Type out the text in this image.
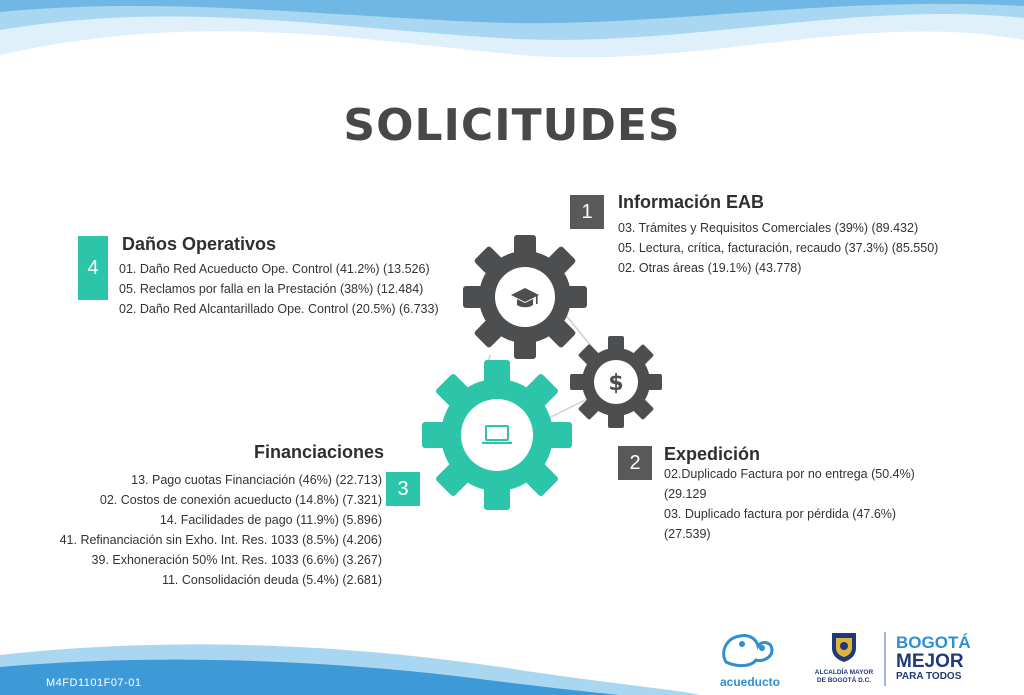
SOLICITUDES
$
1	Información EAB
03. Trámites y Requisitos Comerciales (39%) (89.432)
05. Lectura, crítica, facturación, recaudo (37.3%) (85.550)
02. Otras áreas (19.1%) (43.778)
4
Daños Operativos
01. Daño Red Acueducto Ope. Control (41.2%) (13.526)
05. Reclamos por falla en la Prestación (38%) (12.484)
02. Daño Red Alcantarillado Ope. Control (20.5%) (6.733)
Financiaciones
3
13. Pago cuotas Financiación (46%) (22.713)
02. Costos de conexión acueducto (14.8%) (7.321)
14. Facilidades de pago (11.9%) (5.896)
41. Refinanciación sin Exho. Int. Res. 1033 (8.5%) (4.206)
39. Exhoneración 50% Int. Res. 1033 (6.6%) (3.267)
11. Consolidación deuda (5.4%) (2.681)
2	Expedición
02.Duplicado Factura por no entrega (50.4%)
(29.129
03. Duplicado factura por pérdida (47.6%)
(27.539)
M4FD1101F07-01	acueducto
ALCALDÍA MAYOR
DE BOGOTÁ D.C.
BOGOTÁ
MEJOR
PARA TODOS
